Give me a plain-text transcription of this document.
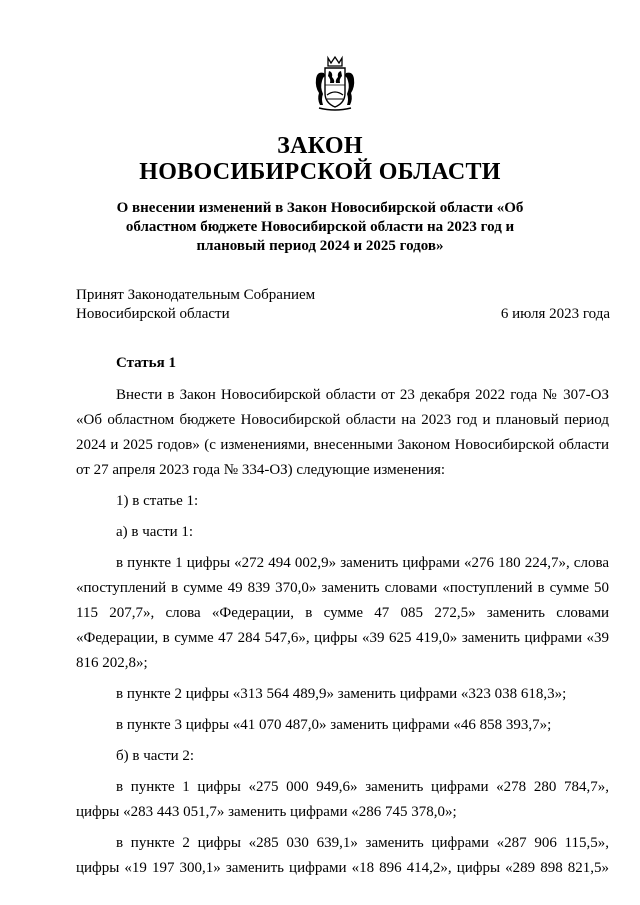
ЗАКОН
НОВОСИБИРСКОЙ ОБЛАСТИ
О внесении изменений в Закон Новосибирской области «Об областном бюджете Новосибирской области на 2023 год и плановый период 2024 и 2025 годов»
Принят Законодательным Собранием
Новосибирской области	6 июля 2023 года
Статья 1

Внести в Закон Новосибирской области от 23 декабря 2022 года № 307-ОЗ «Об областном бюджете Новосибирской области на 2023 год и плановый период 2024 и 2025 годов» (с изменениями, внесенными Законом Новосибирской области от 27 апреля 2023 года № 334-ОЗ) следующие изменения:

1) в статье 1:

а) в части 1:

в пункте 1 цифры «272 494 002,9» заменить цифрами «276 180 224,7», слова «поступлений в сумме 49 839 370,0» заменить словами «поступлений в сумме 50 115 207,7», слова «Федерации, в сумме 47 085 272,5» заменить словами «Федерации, в сумме 47 284 547,6», цифры «39 625 419,0» заменить цифрами «39 816 202,8»;

в пункте 2 цифры «313 564 489,9» заменить цифрами «323 038 618,3»;

в пункте 3 цифры «41 070 487,0» заменить цифрами «46 858 393,7»;

б) в части 2:

в пункте 1 цифры «275 000 949,6» заменить цифрами «278 280 784,7», цифры «283 443 051,7» заменить цифрами «286 745 378,0»;

в пункте 2 цифры «285 030 639,1» заменить цифрами «287 906 115,5», цифры «19 197 300,1» заменить цифрами «18 896 414,2», цифры «289 898 821,5»
